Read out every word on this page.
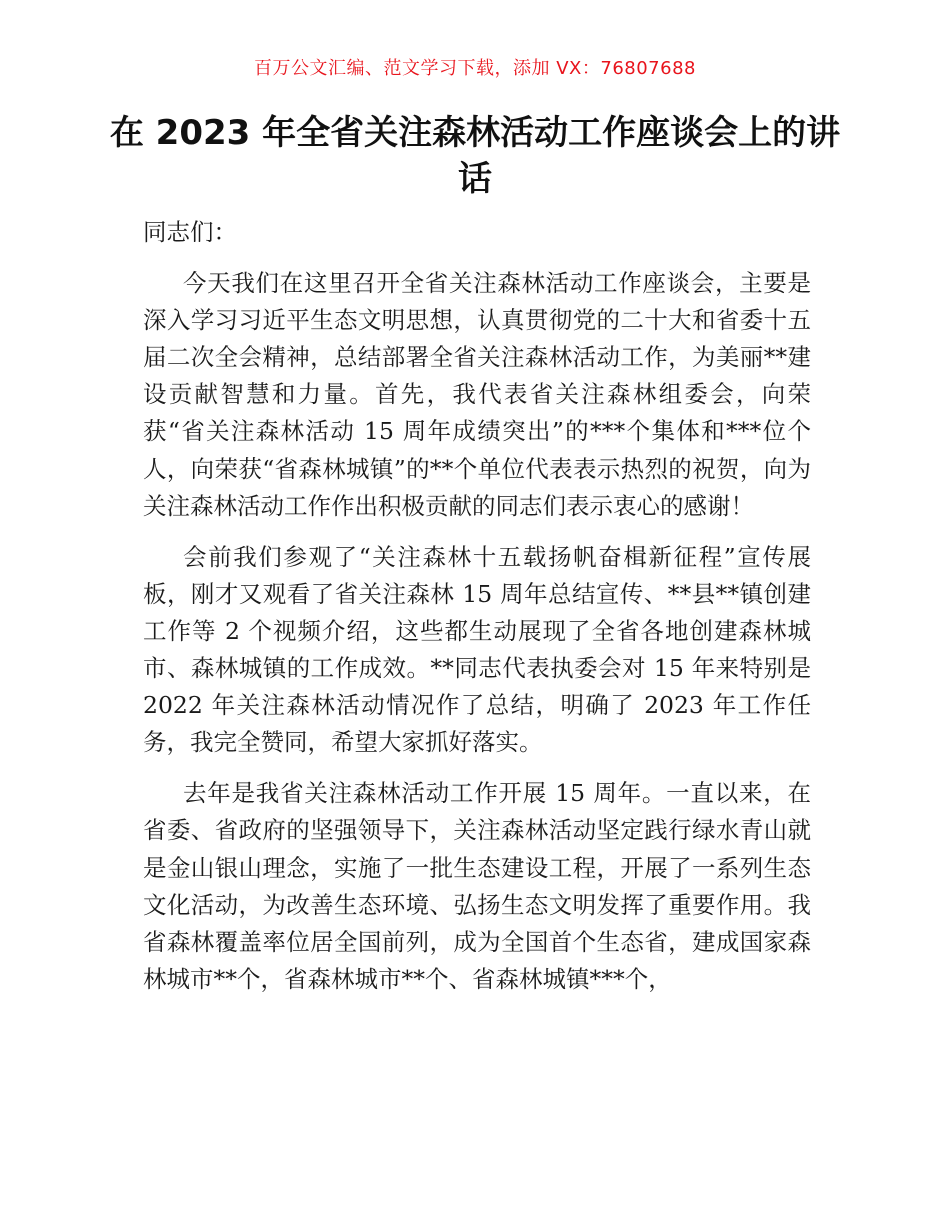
百万公文汇编、范文学习下载，添加 VX：76807688
在 2023 年全省关注森林活动工作座谈会上的讲话

同志们：

今天我们在这里召开全省关注森林活动工作座谈会，主要是深入学习习近平生态文明思想，认真贯彻党的二十大和省委十五届二次全会精神，总结部署全省关注森林活动工作，为美丽**建设贡献智慧和力量。首先，我代表省关注森林组委会，向荣获“省关注森林活动 15 周年成绩突出”的***个集体和***位个人，向荣获“省森林城镇”的**个单位代表表示热烈的祝贺，向为关注森林活动工作作出积极贡献的同志们表示衷心的感谢！

会前我们参观了“关注森林十五载扬帆奋楫新征程”宣传展板，刚才又观看了省关注森林 15 周年总结宣传、**县**镇创建工作等 2 个视频介绍，这些都生动展现了全省各地创建森林城市、森林城镇的工作成效。**同志代表执委会对 15 年来特别是 2022 年关注森林活动情况作了总结，明确了 2023 年工作任务，我完全赞同，希望大家抓好落实。

去年是我省关注森林活动工作开展 15 周年。一直以来，在省委、省政府的坚强领导下，关注森林活动坚定践行绿水青山就是金山银山理念，实施了一批生态建设工程，开展了一系列生态文化活动，为改善生态环境、弘扬生态文明发挥了重要作用。我省森林覆盖率位居全国前列，成为全国首个生态省，建成国家森林城市**个，省森林城市**个、省森林城镇***个，
